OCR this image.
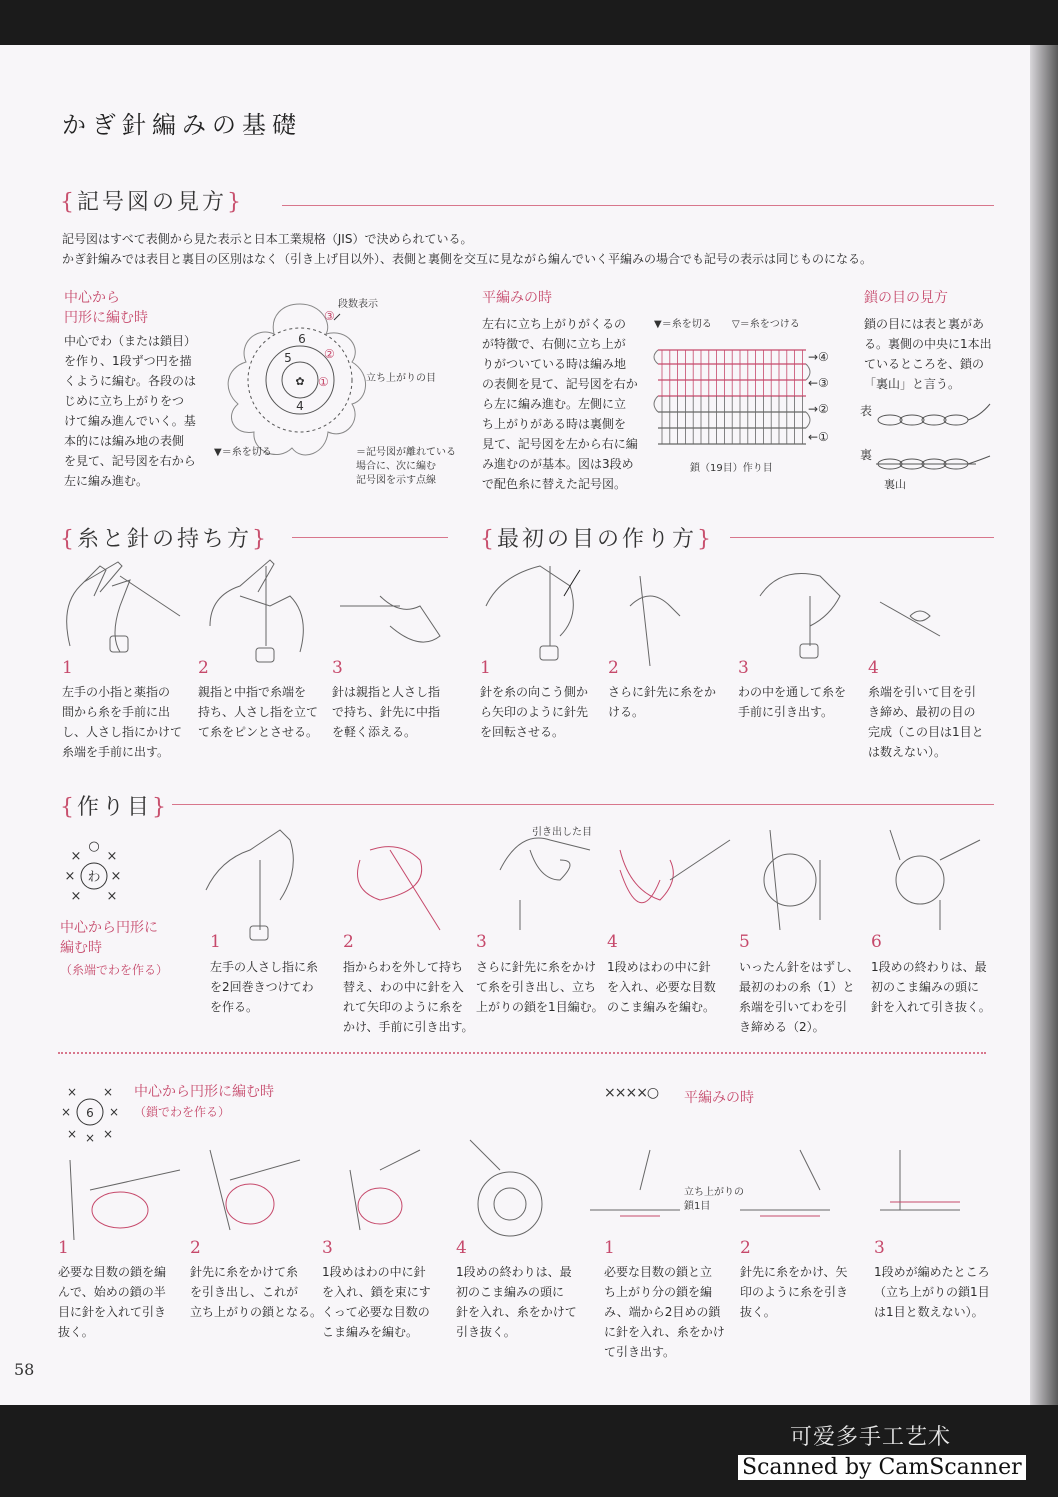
かぎ針編みの基礎
{記号図の見方}
記号図はすべて表側から見た表示と日本工業規格（JIS）で決められている。
かぎ針編みでは表目と裏目の区別はなく（引き上げ目以外）、表側と裏側を交互に見ながら編んでいく平編みの場合でも記号の表示は同じものになる。
中心から
円形に編む時
中心でわ（または鎖目）
を作り、1段ずつ円を描
くように編む。各段のは
じめに立ち上がりをつ
けて編み進んでいく。基
本的には編み地の表側
を見て、記号図を右から
左に編み進む。
✿
6
5
4
③
②
①
段数表示
立ち上がりの目
▼＝糸を切る	＝記号図が離れている
場合に、次に編む
記号図を示す点線
平編みの時
左右に立ち上がりがくるの
が特徴で、右側に立ち上が
りがついている時は編み地
の表側を見て、記号図を右か
ら左に編み進む。左側に立
ち上がりがある時は裏側を
見て、記号図を左から右に編
み進むのが基本。図は3段め
で配色糸に替えた記号図。
▼＝糸を切る ▽＝糸をつける
→④
←③
→②
←①
鎖（19目）作り目
鎖の目の見方
鎖の目には表と裏があ
る。裏側の中央に1本出
ているところを、鎖の
「裏山」と言う。
表
裏
裏山
{糸と針の持ち方}	{最初の目の作り方}
1
左手の小指と薬指の
間から糸を手前に出
し、人さし指にかけて
糸端を手前に出す。
2
親指と中指で糸端を
持ち、人さし指を立て
て糸をピンとさせる。
3
針は親指と人さし指
で持ち、針先に中指
を軽く添える。
1
針を糸の向こう側か
ら矢印のように針先
を回転させる。
2
さらに針先に糸をか
ける。
3
わの中を通して糸を
手前に引き出す。
4
糸端を引いて目を引
き締め、最初の目の
完成（この目は1目と
は数えない）。
{作り目}
わ
×	×
× ×
× ×
○
中心から円形に
編む時
（糸端でわを作る）
引き出した目
1
左手の人さし指に糸
を2回巻きつけてわ
を作る。
2
指からわを外して持ち
替え、わの中に針を入
れて矢印のように糸を
かけ、手前に引き出す。
3
さらに針先に糸をかけ
て糸を引き出し、立ち
上がりの鎖を1目編む。
4
1段めはわの中に針
を入れ、必要な目数
のこま編みを編む。
5
いったん針をはずし、
最初のわの糸（1）と
糸端を引いてわを引
き締める（2）。
6
1段めの終わりは、最
初のこま編みの頭に
針を入れて引き抜く。
6
×	×
× ×
× × ×
中心から円形に編む時
（鎖でわを作る）
××××○ 平編みの時
立ち上がりの
鎖1目
1
必要な目数の鎖を編
んで、始めの鎖の半
目に針を入れて引き
抜く。
2
針先に糸をかけて糸
を引き出し、これが
立ち上がりの鎖となる。
3
1段めはわの中に針
を入れ、鎖を束にす
くって必要な目数の
こま編みを編む。
4
1段めの終わりは、最
初のこま編みの頭に
針を入れ、糸をかけて
引き抜く。
1
必要な目数の鎖と立
ち上がり分の鎖を編
み、端から2目めの鎖
に針を入れ、糸をかけ
て引き出す。
2
針先に糸をかけ、矢
印のように糸を引き
抜く。
3
1段めが編めたところ
（立ち上がりの鎖1目
は1目と数えない）。
58
可爱多手工艺术
Scanned by CamScanner
